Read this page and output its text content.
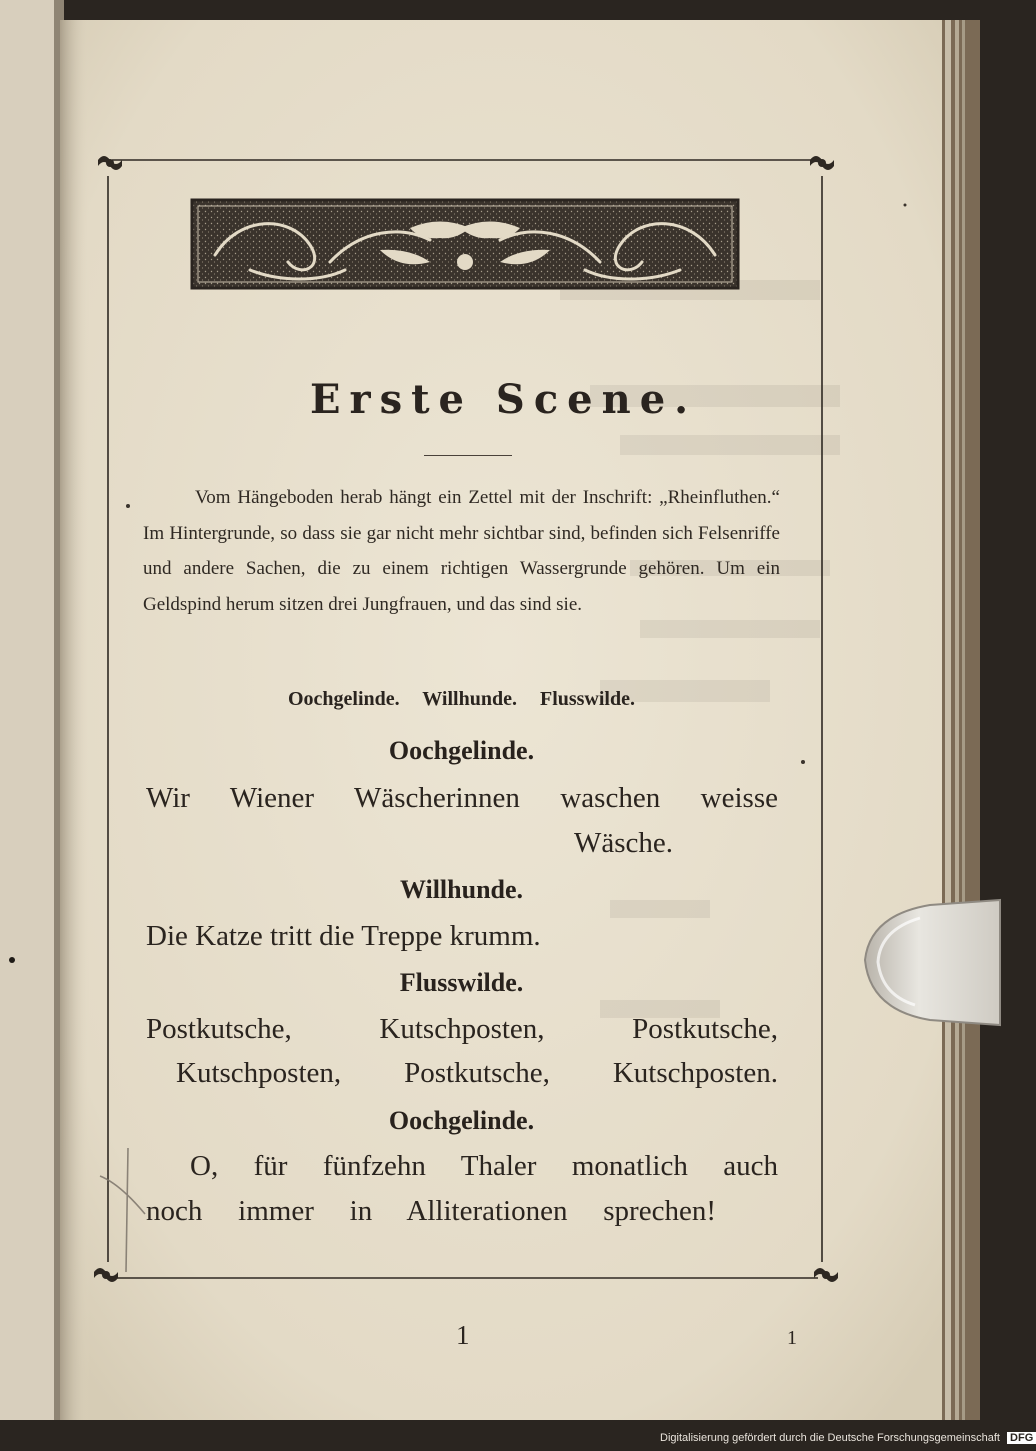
Erste Scene.

Vom Hängeboden herab hängt ein Zettel mit der Inschrift: „Rheinfluthen.“ Im Hintergrunde, so dass sie gar nicht mehr sichtbar sind, befinden sich Felsenriffe und andere Sachen, die zu einem richtigen Wassergrunde gehören. Um ein Geldspind herum sitzen drei Jungfrauen, und das sind sie.

Oochgelinde. Willhunde. Flusswilde.
Oochgelinde.
Wir Wiener Wäscherinnen waschen weisse
Wäsche.
Willhunde.
Die Katze tritt die Treppe krumm.
Flusswilde.
Postkutsche, Kutschposten, Postkutsche,
Kutschposten, Postkutsche, Kutschposten.
Oochgelinde.
O, für fünfzehn Thaler monatlich auch
noch immer in Alliterationen sprechen!
1	1
Digitalisierung gefördert durch die Deutsche Forschungsgemeinschaft DFG
